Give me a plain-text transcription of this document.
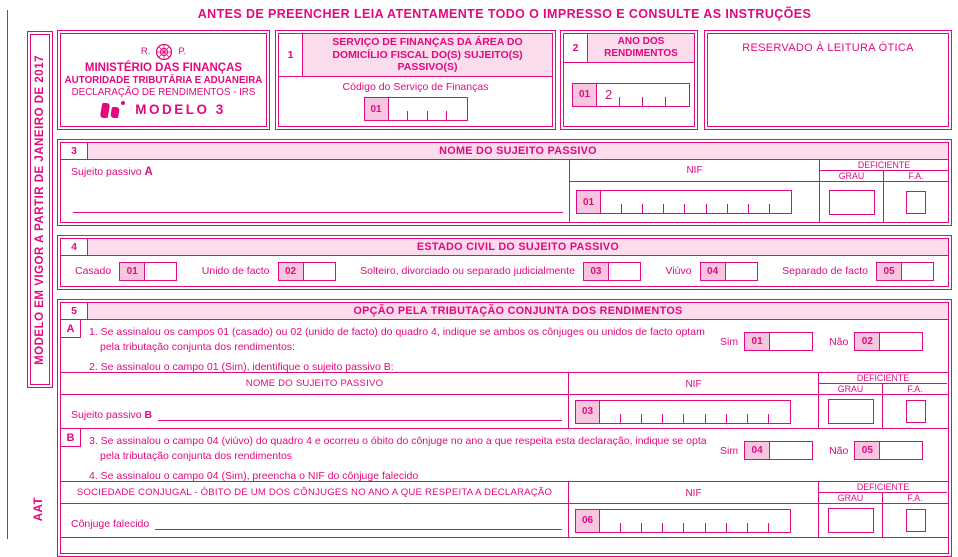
ANTES DE PREENCHER LEIA ATENTAMENTE TODO O IMPRESSO E CONSULTE AS INSTRUÇÕES
MODELO EM VIGOR A PARTIR DE JANEIRO DE 2017
AAT
R.	P.
MINISTÉRIO DAS FINANÇAS
AUTORIDADE TRIBUTÁRIA E ADUANEIRA
DECLARAÇÃO DE RENDIMENTOS - IRS
MODELO 3
1
SERVIÇO DE FINANÇAS DA ÁREA DO DOMICÍLIO FISCAL DO(S) SUJEITO(S) PASSIVO(S)
Código do Serviço de Finanças
01
2
ANO DOS RENDIMENTOS
01	2
RESERVADO À LEITURA ÓTICA
3	NOME DO SUJEITO PASSIVO
Sujeito passivo A	NIF	DEFICIENTE
GRAU	F.A.
01
4	ESTADO CIVIL DO SUJEITO PASSIVO
Casado	01	Unido de facto	02	Solteiro, divorciado ou separado judicialmente	03	Viúvo	04	Separado de facto	05
5	OPÇÃO PELA TRIBUTAÇÃO CONJUNTA DOS RENDIMENTOS
A	1. Se assinalou os campos 01 (casado) ou 02 (unido de facto) do quadro 4, indique se ambos os cônjuges ou unidos de facto optam
pela tributação conjunta dos rendimentos:
2. Se assinalou o campo 01 (Sim), identifique o sujeito passivo B:
Sim	01	Não	02
NOME DO SUJEITO PASSIVO	NIF
DEFICIENTE
GRAU	F.A.
Sujeito passivo B	03
B	3. Se assinalou o campo 04 (viúvo) do quadro 4 e ocorreu o óbito do cônjuge no ano a que respeita esta declaração, indique se opta
pela tributação conjunta dos rendimentos
4. Se assinalou o campo 04 (Sim), preencha o NIF do cônjuge falecido
Sim	04	Não	05
SOCIEDADE CONJUGAL - ÓBITO DE UM DOS CÔNJUGES NO ANO A QUE RESPEITA A DECLARAÇÃO	NIF
DEFICIENTE
GRAU	F.A.
Cônjuge falecido	06
